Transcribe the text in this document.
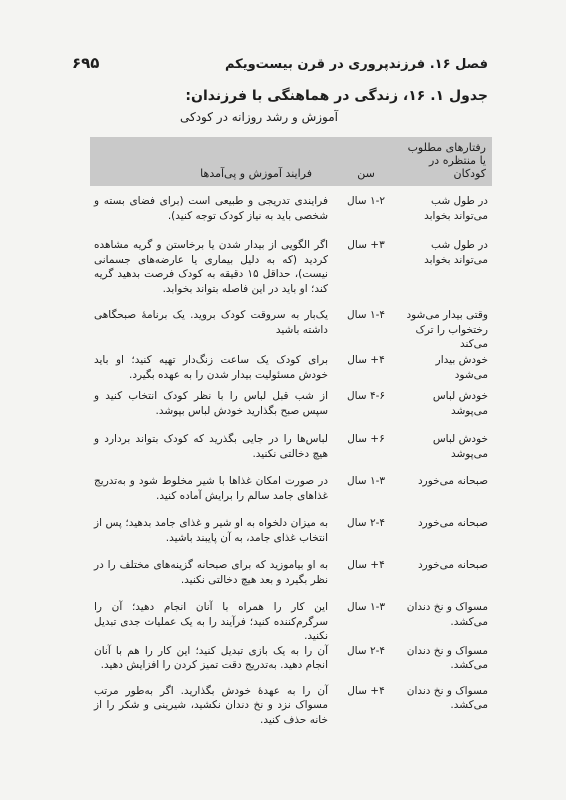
فصل ۱۶. فرزندپروری در قرن بیست‌ویکم
۶۹۵
جدول ۱. ۱۶، زندگی در هماهنگی با فرزندان:
آموزش و رشد روزانه در کودکی
رفتارهای مطلوب یا منتظره در کودکان	سن	فرایند آموزش و پی‌آمدها
در طول شب می‌تواند بخوابد	۱-۲ سال	فرایندی تدریجی و طبیعی است (برای فضای بسته و شخصی باید به نیاز کودک توجه کنید).
در طول شب می‌تواند بخوابد	۳+ سال	اگر الگویی از بیدار شدن یا برخاستن و گریه مشاهده کردید (که به دلیل بیماری یا عارضه‌های جسمانی نیست)، حداقل ۱۵ دقیقه به کودک فرصت بدهید گریه کند؛ او باید در این فاصله بتواند بخوابد.
وقتی بیدار می‌شود رختخواب را ترک می‌کند	۱-۴ سال	یک‌بار به سروقت کودک بروید. یک برنامهٔ صبحگاهی داشته باشید
خودش بیدار می‌شود	۴+ سال	برای کودک یک ساعت زنگ‌دار تهیه کنید؛ او باید خودش مسئولیت بیدار شدن را به عهده بگیرد.
خودش لباس می‌پوشد	۴-۶ سال	از شب قبل لباس را با نظر کودک انتخاب کنید و سپس صبح بگذارید خودش لباس بپوشد.
خودش لباس می‌پوشد	۶+ سال	لباس‌ها را در جایی بگذرید که کودک بتواند بردارد و هیچ دخالتی نکنید.
صبحانه می‌خورد	۱-۳ سال	در صورت امکان غذاها با شیر مخلوط شود و به‌تدریج غذاهای جامد سالم را برایش آماده کنید.
صبحانه می‌خورد	۲-۴ سال	به میزان دلخواه به او شیر و غذای جامد بدهید؛ پس از انتخاب غذای جامد، به آن پایبند باشید.
صبحانه می‌خورد	۴+ سال	به او بیاموزید که برای صبحانه گزینه‌های مختلف را در نظر بگیرد و بعد هیچ دخالتی نکنید.
مسواک و نخ دندان می‌کشد.	۱-۳ سال	این کار را همراه با آنان انجام دهید؛ آن را سرگرم‌کننده کنید؛ فرآیند را به یک عملیات جدی تبدیل نکنید.
مسواک و نخ دندان می‌کشد.	۲-۴ سال	آن را به یک بازی تبدیل کنید؛ این کار را هم با آنان انجام دهید. به‌تدریج دقت تمیز کردن را افزایش دهید.
مسواک و نخ دندان می‌کشد.	۴+ سال	آن را به عهدهٔ خودش بگذارید. اگر به‌طور مرتب مسواک نزد و نخ دندان نکشید، شیرینی و شکر را از خانه حذف کنید.
